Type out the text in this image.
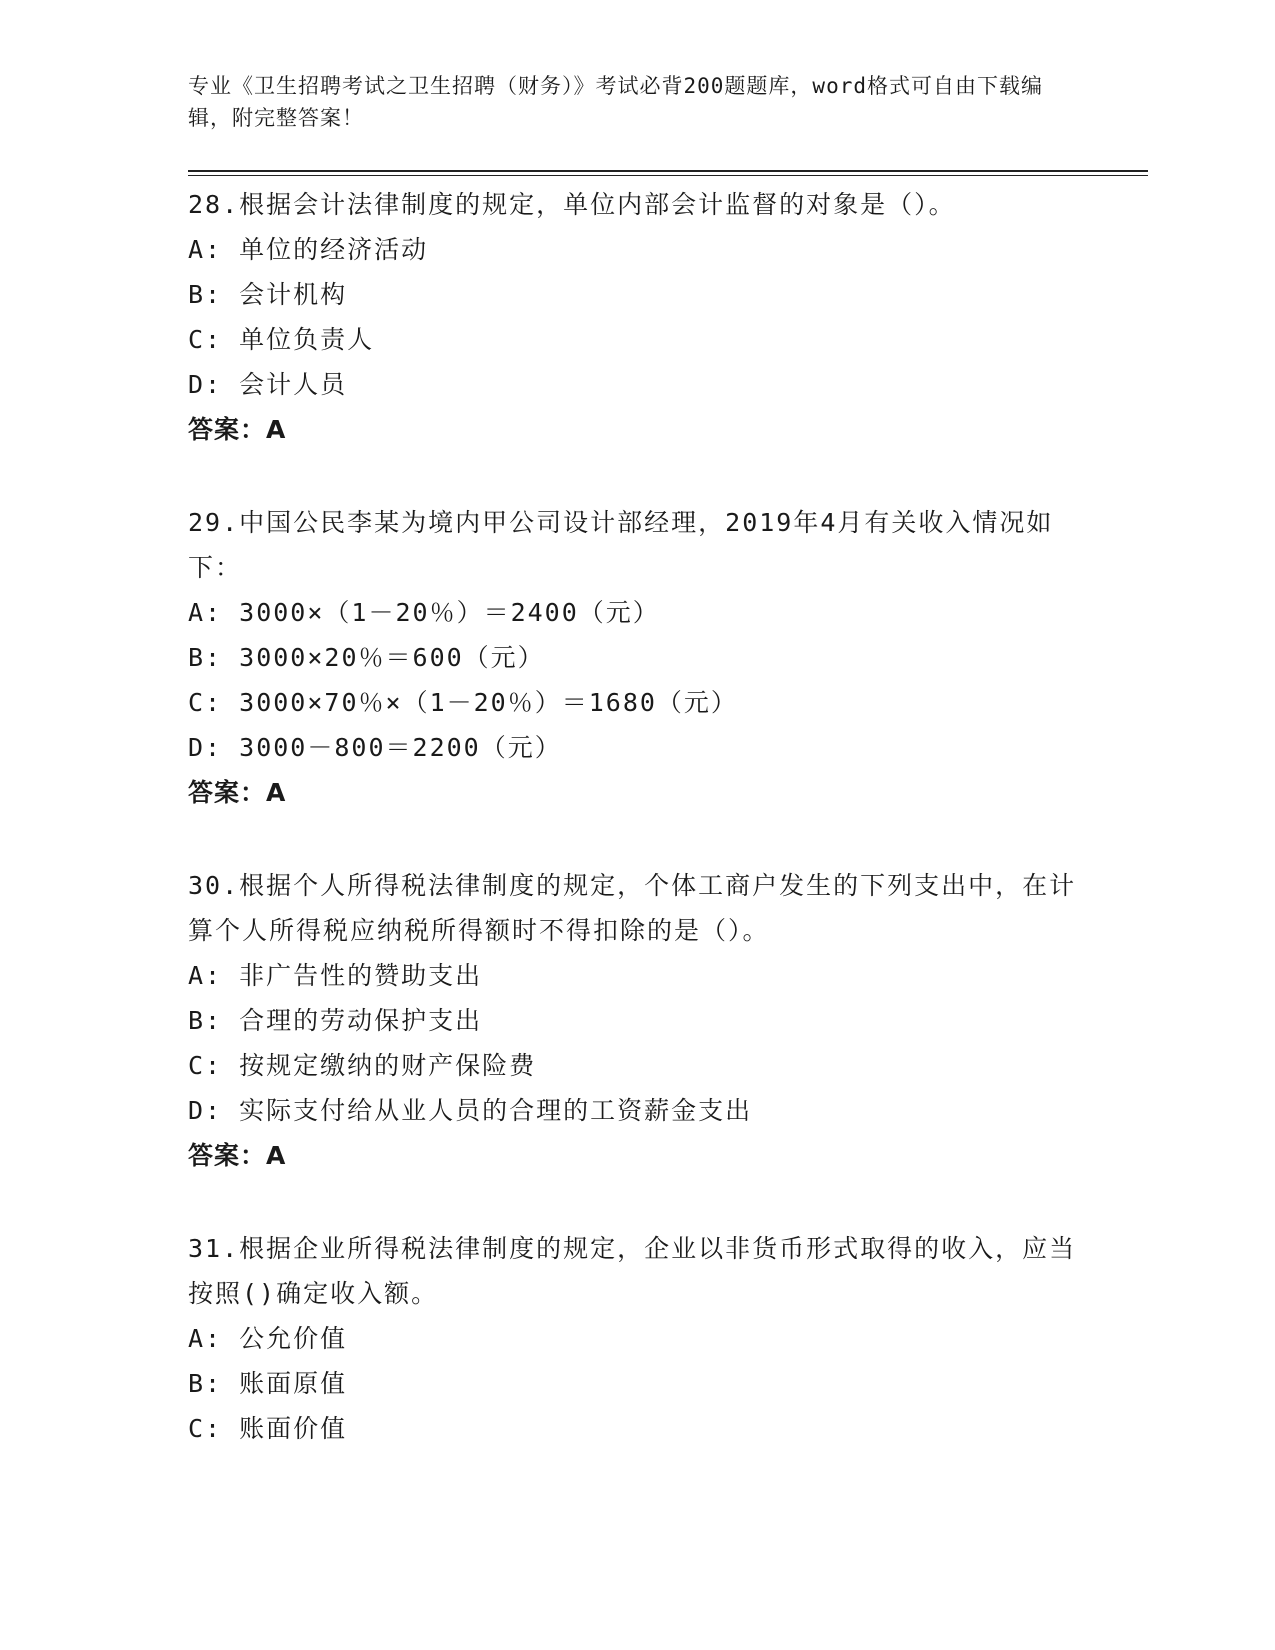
专业《卫生招聘考试之卫生招聘（财务）》考试必背200题题库，word格式可自由下载编辑，附完整答案！

28.根据会计法律制度的规定，单位内部会计监督的对象是（）。

A: 单位的经济活动

B: 会计机构

C: 单位负责人

D: 会计人员

答案：A

29.中国公民李某为境内甲公司设计部经理，2019年4月有关收入情况如下：

A: 3000×（1－20％）＝2400（元）

B: 3000×20％＝600（元）

C: 3000×70％×（1－20％）＝1680（元）

D: 3000－800＝2200（元）

答案：A

30.根据个人所得税法律制度的规定，个体工商户发生的下列支出中，在计算个人所得税应纳税所得额时不得扣除的是（）。

A: 非广告性的赞助支出

B: 合理的劳动保护支出

C: 按规定缴纳的财产保险费

D: 实际支付给从业人员的合理的工资薪金支出

答案：A

31.根据企业所得税法律制度的规定，企业以非货币形式取得的收入，应当按照()确定收入额。

A: 公允价值

B: 账面原值

C: 账面价值
